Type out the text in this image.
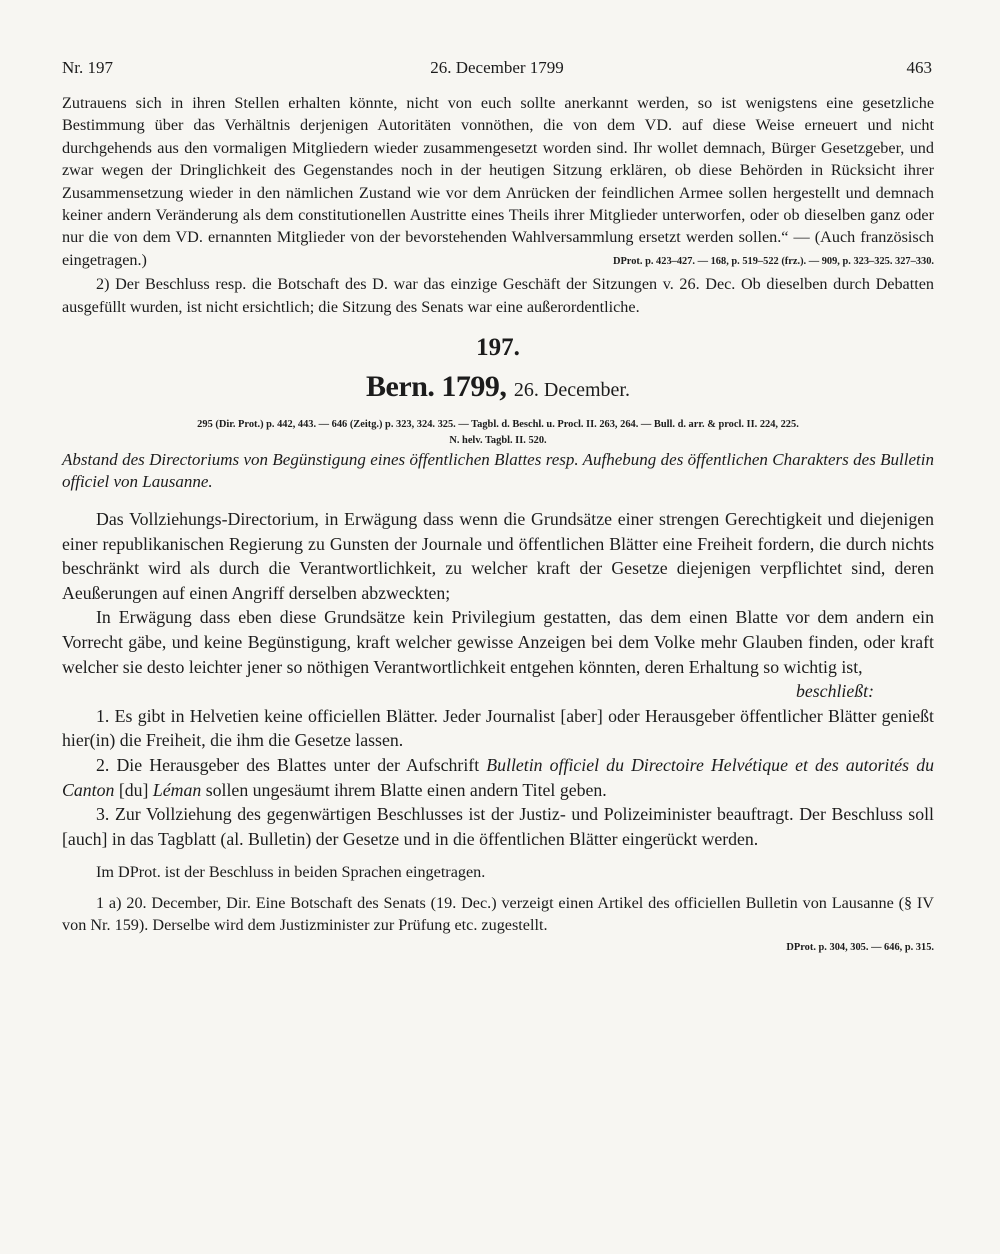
Nr. 197	26. December 1799	463

Zutrauens sich in ihren Stellen erhalten könnte, nicht von euch sollte anerkannt werden, so ist wenigstens eine gesetzliche Bestimmung über das Verhältnis derjenigen Autoritäten vonnöthen, die von dem VD. auf diese Weise erneuert und nicht durchgehends aus den vormaligen Mitgliedern wieder zusammengesetzt worden sind. Ihr wollet demnach, Bürger Gesetzgeber, und zwar wegen der Dringlichkeit des Gegenstandes noch in der heutigen Sitzung erklären, ob diese Behörden in Rücksicht ihrer Zusammensetzung wieder in den nämlichen Zustand wie vor dem Anrücken der feindlichen Armee sollen hergestellt und demnach keiner andern Veränderung als dem constitutionellen Austritte eines Theils ihrer Mitglieder unterworfen, oder ob dieselben ganz oder nur die von dem VD. ernannten Mitglieder von der bevorstehenden Wahlversammlung ersetzt werden sollen.“ — (Auch französisch eingetragen.)	DProt. p. 423–427. — 168, p. 519–522 (frz.). — 909, p. 323–325. 327–330.

2) Der Beschluss resp. die Botschaft des D. war das einzige Geschäft der Sitzungen v. 26. Dec. Ob dieselben durch Debatten ausgefüllt wurden, ist nicht ersichtlich; die Sitzung des Senats war eine außerordentliche.

197.
Bern. 1799, 26. December.
295 (Dir. Prot.) p. 442, 443. — 646 (Zeitg.) p. 323, 324. 325. — Tagbl. d. Beschl. u. Procl. II. 263, 264. — Bull. d. arr. & procl. II. 224, 225.
N. helv. Tagbl. II. 520.

Abstand des Directoriums von Begünstigung eines öffentlichen Blattes resp. Aufhebung des öffentlichen Charakters des Bulletin officiel von Lausanne.

Das Vollziehungs-Directorium, in Erwägung dass wenn die Grundsätze einer strengen Gerechtigkeit und diejenigen einer republikanischen Regierung zu Gunsten der Journale und öffentlichen Blätter eine Freiheit fordern, die durch nichts beschränkt wird als durch die Verantwortlichkeit, zu welcher kraft der Gesetze diejenigen verpflichtet sind, deren Aeußerungen auf einen Angriff derselben abzweckten;

In Erwägung dass eben diese Grundsätze kein Privilegium gestatten, das dem einen Blatte vor dem andern ein Vorrecht gäbe, und keine Begünstigung, kraft welcher gewisse Anzeigen bei dem Volke mehr Glauben finden, oder kraft welcher sie desto leichter jener so nöthigen Verantwortlichkeit entgehen könnten, deren Erhaltung so wichtig ist,

beschließt:

1. Es gibt in Helvetien keine officiellen Blätter. Jeder Journalist [aber] oder Herausgeber öffentlicher Blätter genießt hier(in) die Freiheit, die ihm die Gesetze lassen.

2. Die Herausgeber des Blattes unter der Aufschrift Bulletin officiel du Directoire Helvétique et des autorités du Canton [du] Léman sollen ungesäumt ihrem Blatte einen andern Titel geben.

3. Zur Vollziehung des gegenwärtigen Beschlusses ist der Justiz- und Polizeiminister beauftragt. Der Beschluss soll [auch] in das Tagblatt (al. Bulletin) der Gesetze und in die öffentlichen Blätter eingerückt werden.

Im DProt. ist der Beschluss in beiden Sprachen eingetragen.

1 a) 20. December, Dir. Eine Botschaft des Senats (19. Dec.) verzeigt einen Artikel des officiellen Bulletin von Lausanne (§ IV von Nr. 159). Derselbe wird dem Justizminister zur Prüfung etc. zugestellt.

DProt. p. 304, 305. — 646, p. 315.
